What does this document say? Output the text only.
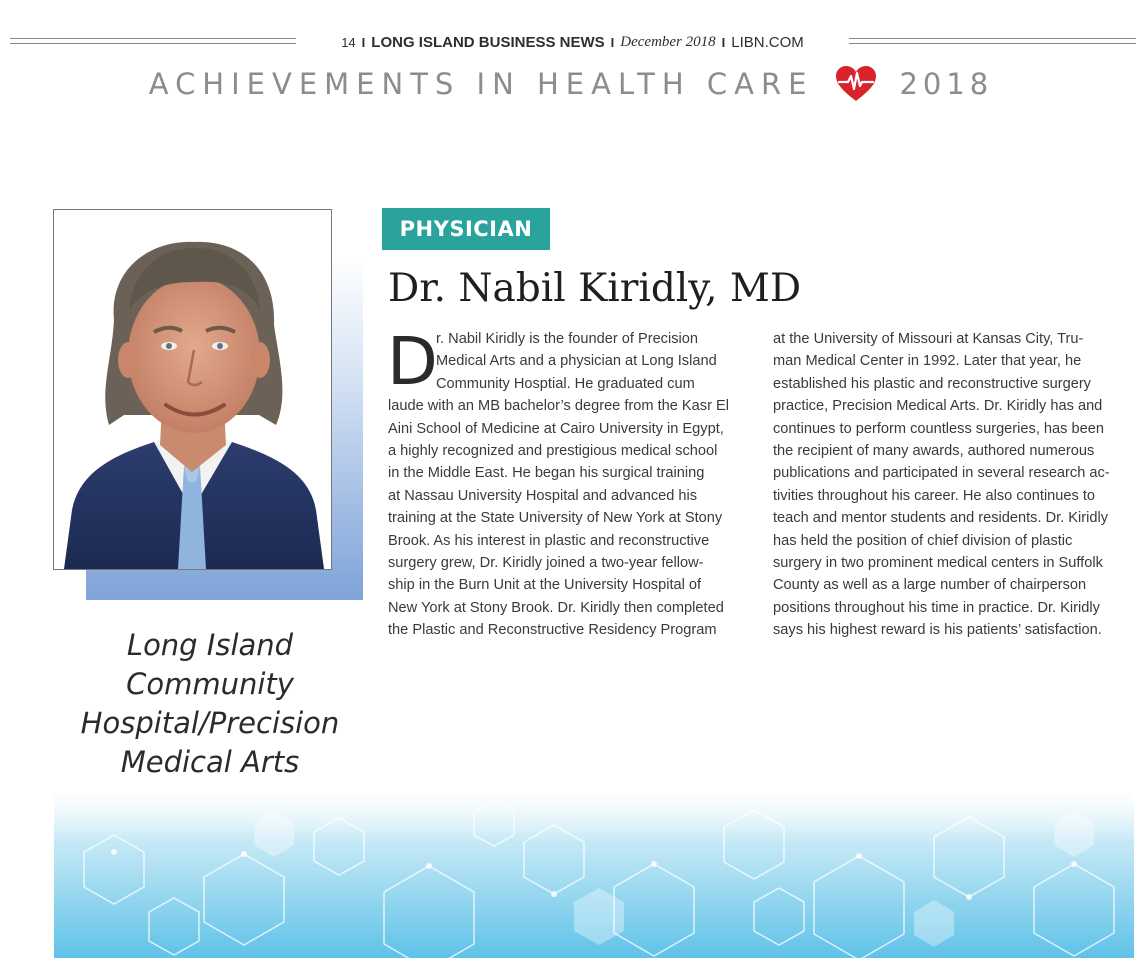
14 I LONG ISLAND BUSINESS NEWS I December 2018 I LIBN.COM
ACHIEVEMENTS IN HEALTH CARE	2018
Long Island Community
Hospital/Precision
Medical Arts
PHYSICIAN
Dr. Nabil Kiridly, MD
D
r. Nabil Kiridly is the founder of Precision
Medical Arts and a physician at Long Island
Community Hosptial. He graduated cum
laude with an MB bachelor’s degree from the Kasr El
Aini School of Medicine at Cairo University in Egypt,
a highly recognized and prestigious medical school
in the Middle East. He began his surgical training
at Nassau University Hospital and advanced his
training at the State University of New York at Stony
Brook. As his interest in plastic and reconstructive
surgery grew, Dr. Kiridly joined a two-year fellow-
ship in the Burn Unit at the University Hospital of
New York at Stony Brook. Dr. Kiridly then completed
the Plastic and Reconstructive Residency Program
at the University of Missouri at Kansas City, Tru-
man Medical Center in 1992. Later that year, he
established his plastic and reconstructive surgery
practice, Precision Medical Arts. Dr. Kiridly has and
continues to perform countless surgeries, has been
the recipient of many awards, authored numerous
publications and participated in several research ac-
tivities throughout his career. He also continues to
teach and mentor students and residents. Dr. Kiridly
has held the position of chief division of plastic
surgery in two prominent medical centers in Suffolk
County as well as a large number of chairperson
positions throughout his time in practice. Dr. Kiridly
says his highest reward is his patients’ satisfaction.
